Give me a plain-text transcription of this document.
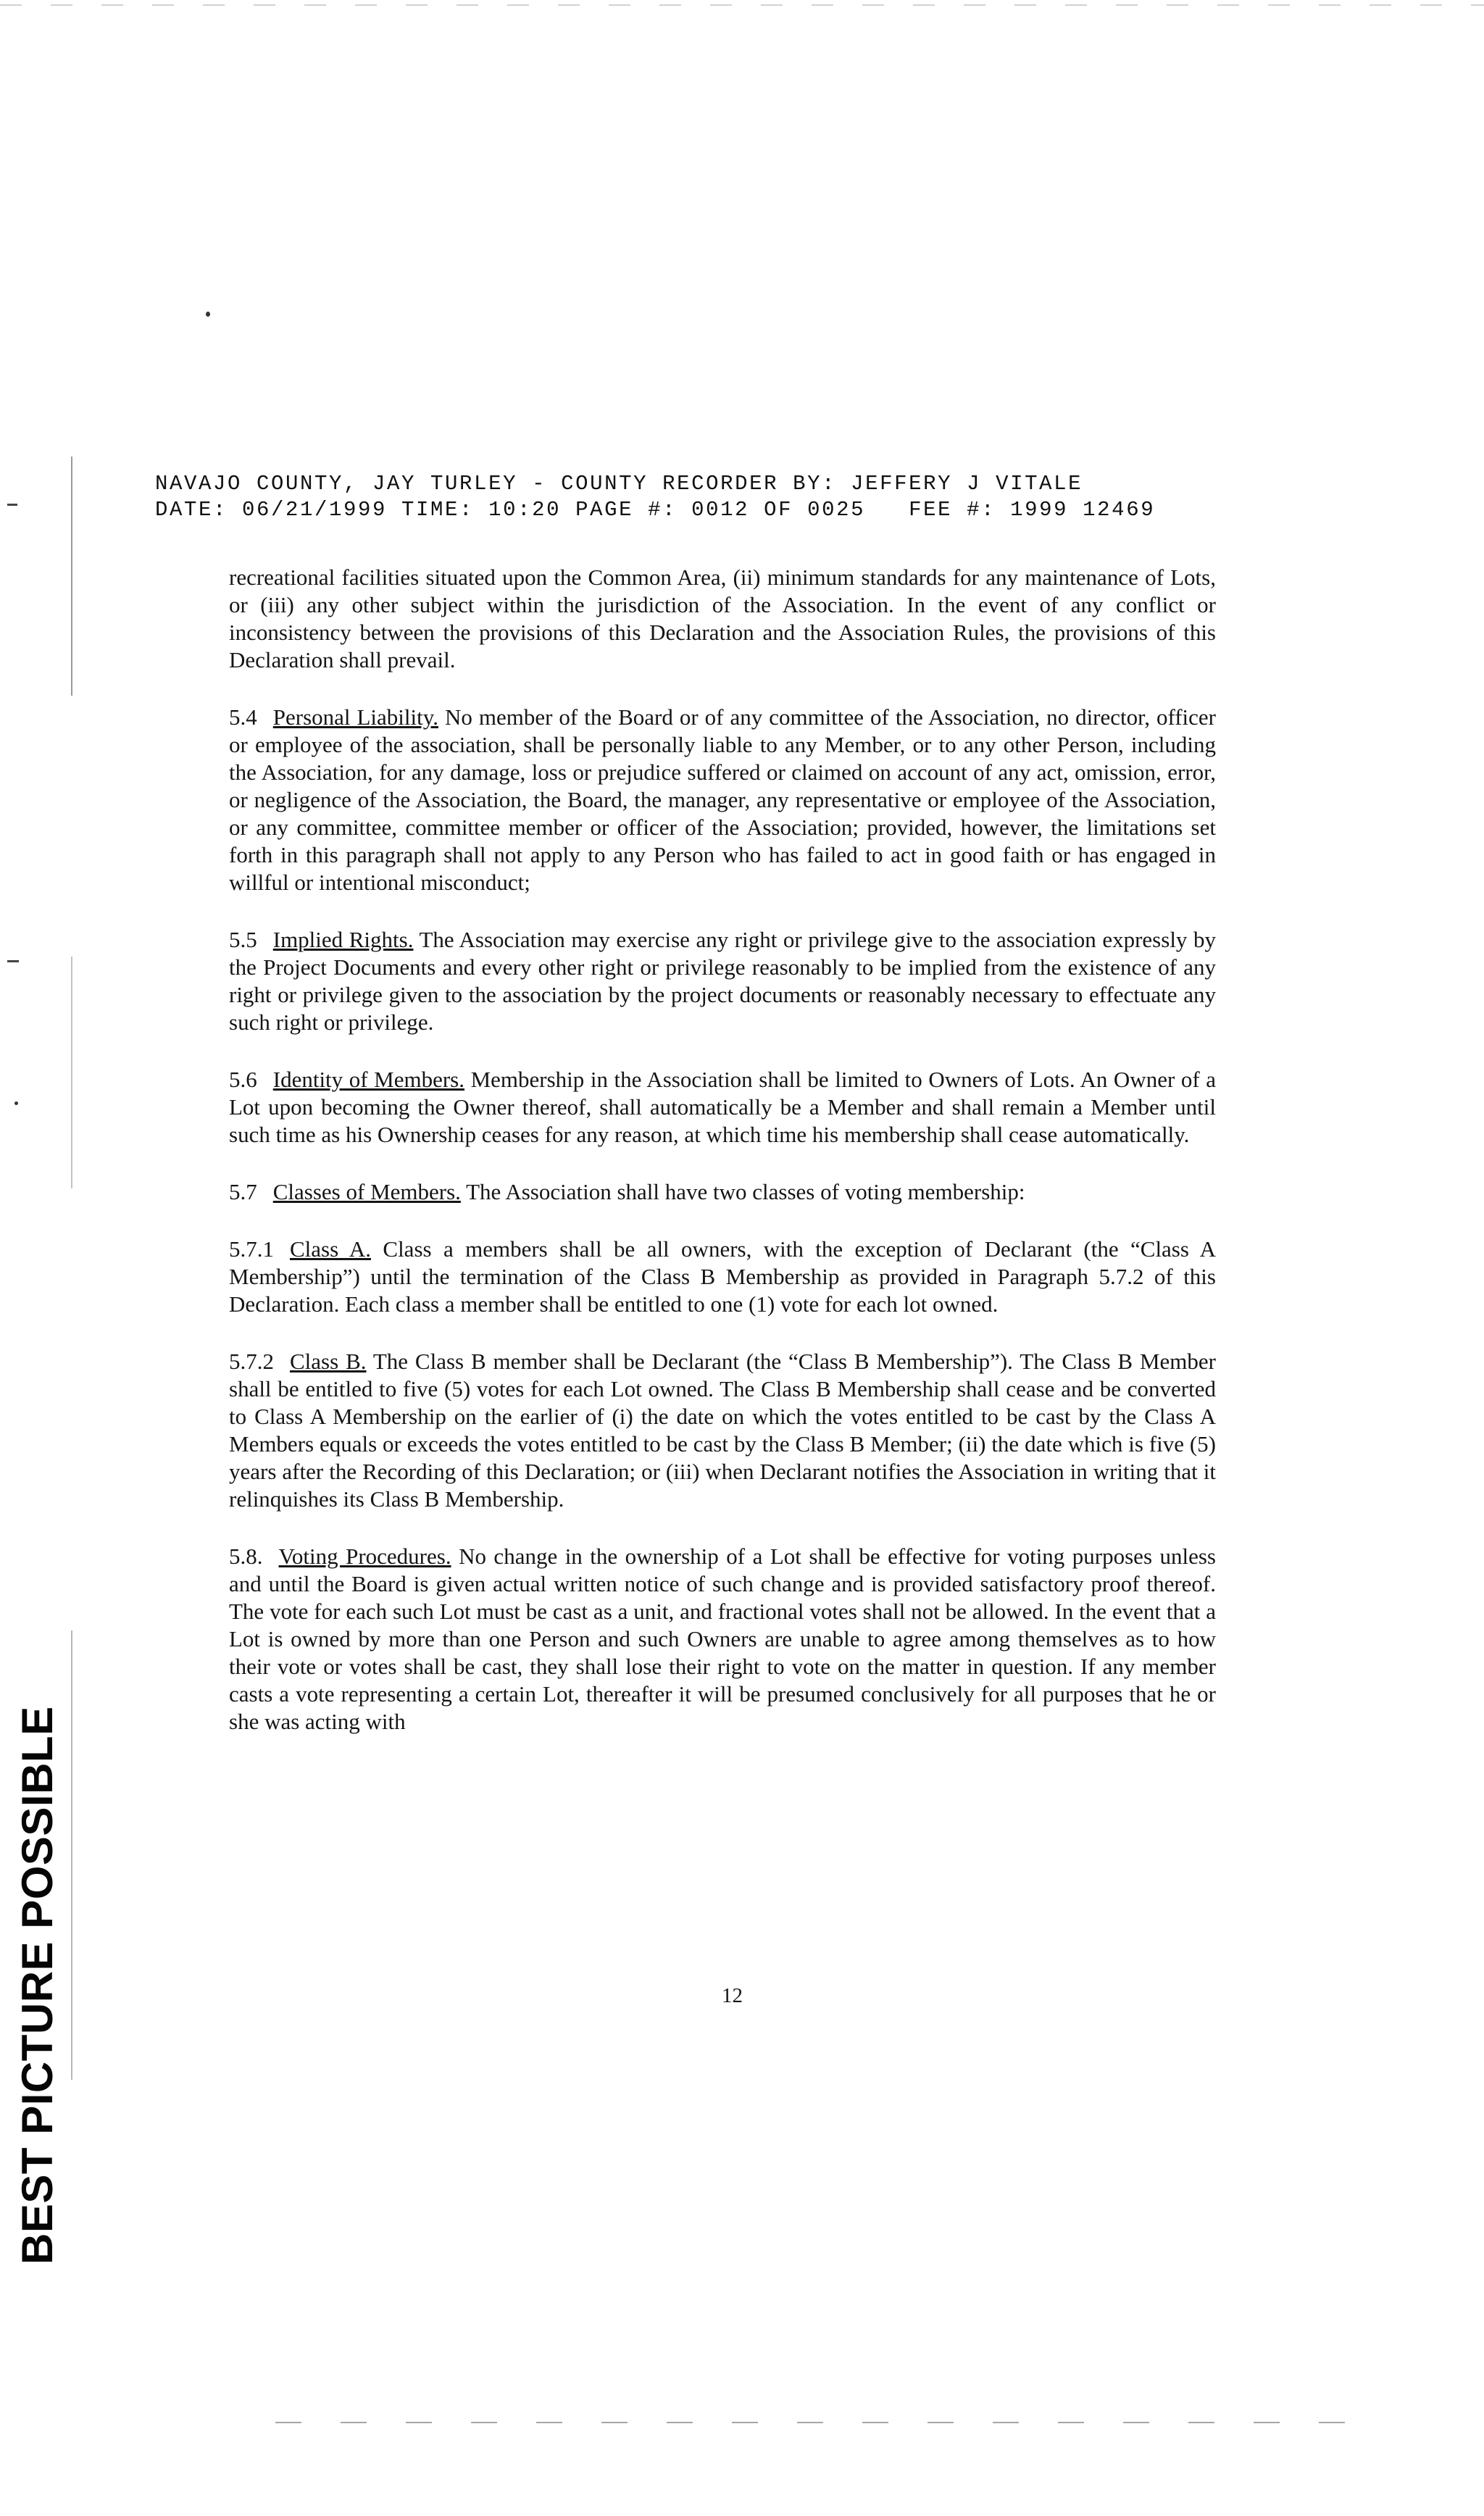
NAVAJO COUNTY, JAY TURLEY - COUNTY RECORDER BY: JEFFERY J VITALE
DATE: 06/21/1999 TIME: 10:20 PAGE #: 0012 OF 0025   FEE #: 1999 12469

recreational facilities situated upon the Common Area, (ii) minimum standards for any maintenance of Lots, or (iii) any other subject within the jurisdiction of the Association. In the event of any conflict or inconsistency between the provisions of this Declaration and the Association Rules, the provisions of this Declaration shall prevail.

5.4 Personal Liability. No member of the Board or of any committee of the Association, no director, officer or employee of the association, shall be personally liable to any Member, or to any other Person, including the Association, for any damage, loss or prejudice suffered or claimed on account of any act, omission, error, or negligence of the Association, the Board, the manager, any representative or employee of the Association, or any committee, committee member or officer of the Association; provided, however, the limitations set forth in this paragraph shall not apply to any Person who has failed to act in good faith or has engaged in willful or intentional misconduct;

5.5 Implied Rights. The Association may exercise any right or privilege give to the association expressly by the Project Documents and every other right or privilege reasonably to be implied from the existence of any right or privilege given to the association by the project documents or reasonably necessary to effectuate any such right or privilege.

5.6 Identity of Members. Membership in the Association shall be limited to Owners of Lots. An Owner of a Lot upon becoming the Owner thereof, shall automatically be a Member and shall remain a Member until such time as his Ownership ceases for any reason, at which time his membership shall cease automatically.

5.7 Classes of Members. The Association shall have two classes of voting membership:

5.7.1 Class A. Class a members shall be all owners, with the exception of Declarant (the “Class A Membership”) until the termination of the Class B Membership as provided in Paragraph 5.7.2 of this Declaration. Each class a member shall be entitled to one (1) vote for each lot owned.

5.7.2 Class B. The Class B member shall be Declarant (the “Class B Membership”). The Class B Member shall be entitled to five (5) votes for each Lot owned. The Class B Membership shall cease and be converted to Class A Membership on the earlier of (i) the date on which the votes entitled to be cast by the Class A Members equals or exceeds the votes entitled to be cast by the Class B Member; (ii) the date which is five (5) years after the Recording of this Declaration; or (iii) when Declarant notifies the Association in writing that it relinquishes its Class B Membership.

5.8. Voting Procedures. No change in the ownership of a Lot shall be effective for voting purposes unless and until the Board is given actual written notice of such change and is provided satisfactory proof thereof. The vote for each such Lot must be cast as a unit, and fractional votes shall not be allowed. In the event that a Lot is owned by more than one Person and such Owners are unable to agree among themselves as to how their vote or votes shall be cast, they shall lose their right to vote on the matter in question. If any member casts a vote representing a certain Lot, thereafter it will be presumed conclusively for all purposes that he or she was acting with

12
BEST PICTURE POSSIBLE
